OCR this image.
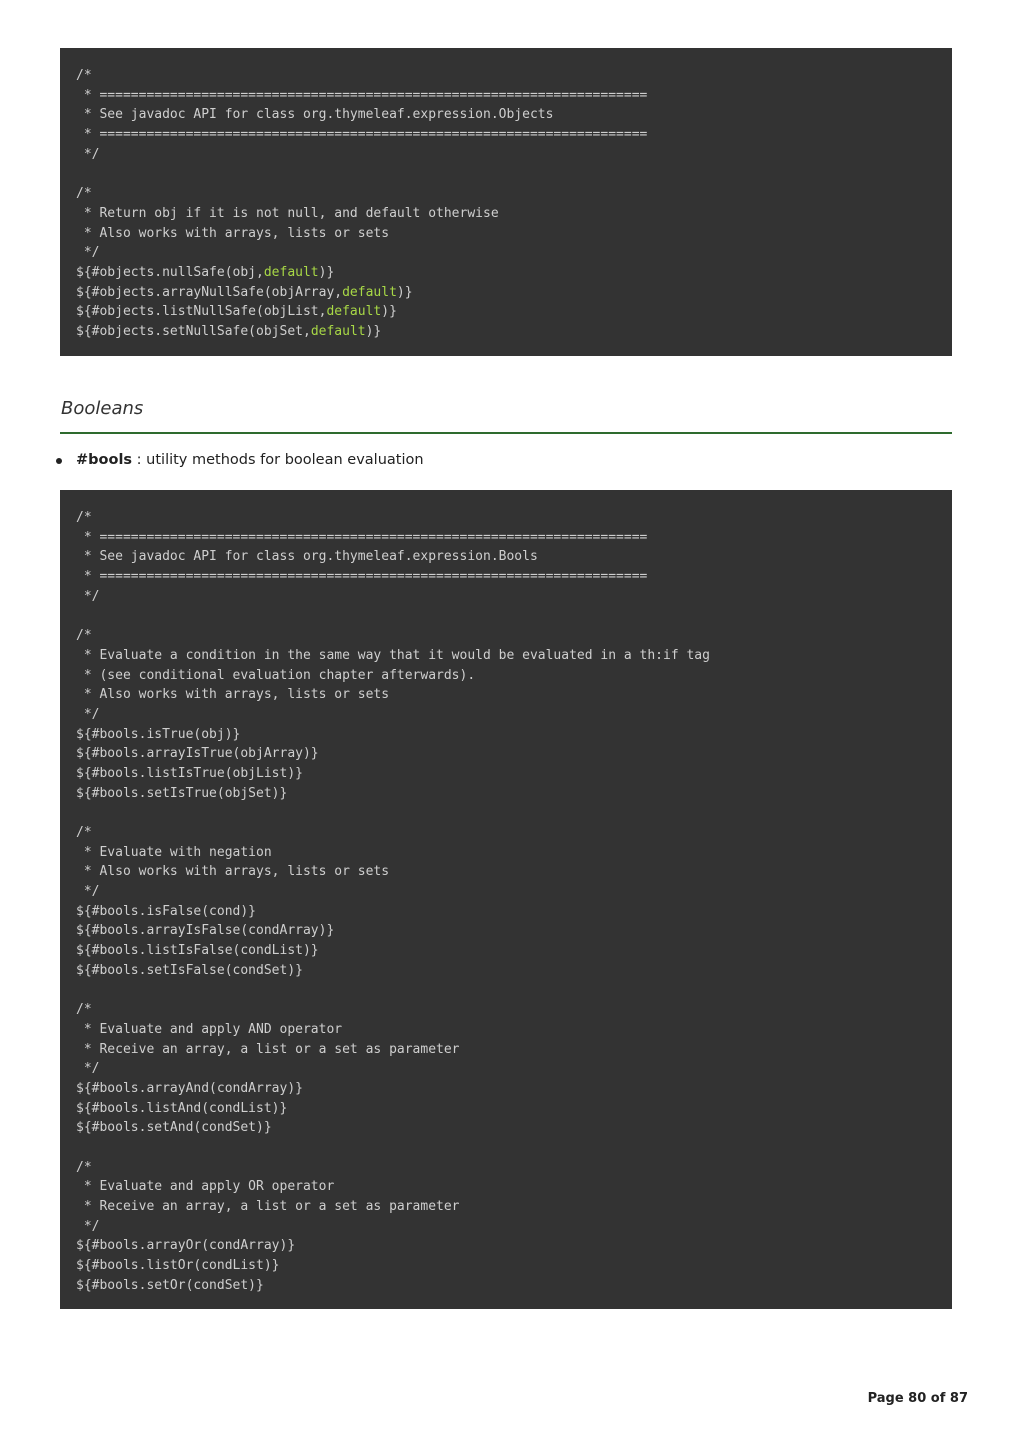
/*
* ======================================================================
* See javadoc API for class org.thymeleaf.expression.Objects
* ======================================================================
*/
/*
* Return obj if it is not null, and default otherwise
* Also works with arrays, lists or sets
*/
${#objects.nullSafe(obj,default)}
${#objects.arrayNullSafe(objArray,default)}
${#objects.listNullSafe(objList,default)}
${#objects.setNullSafe(objSet,default)}
Booleans
#bools : utility methods for boolean evaluation
/*
* ======================================================================
* See javadoc API for class org.thymeleaf.expression.Bools
* ======================================================================
*/
/*
* Evaluate a condition in the same way that it would be evaluated in a th:if tag
* (see conditional evaluation chapter afterwards).
* Also works with arrays, lists or sets
*/
${#bools.isTrue(obj)}
${#bools.arrayIsTrue(objArray)}
${#bools.listIsTrue(objList)}
${#bools.setIsTrue(objSet)}
/*
* Evaluate with negation
* Also works with arrays, lists or sets
*/
${#bools.isFalse(cond)}
${#bools.arrayIsFalse(condArray)}
${#bools.listIsFalse(condList)}
${#bools.setIsFalse(condSet)}
/*
* Evaluate and apply AND operator
* Receive an array, a list or a set as parameter
*/
${#bools.arrayAnd(condArray)}
${#bools.listAnd(condList)}
${#bools.setAnd(condSet)}
/*
* Evaluate and apply OR operator
* Receive an array, a list or a set as parameter
*/
${#bools.arrayOr(condArray)}
${#bools.listOr(condList)}
${#bools.setOr(condSet)}
Page 80 of 87
